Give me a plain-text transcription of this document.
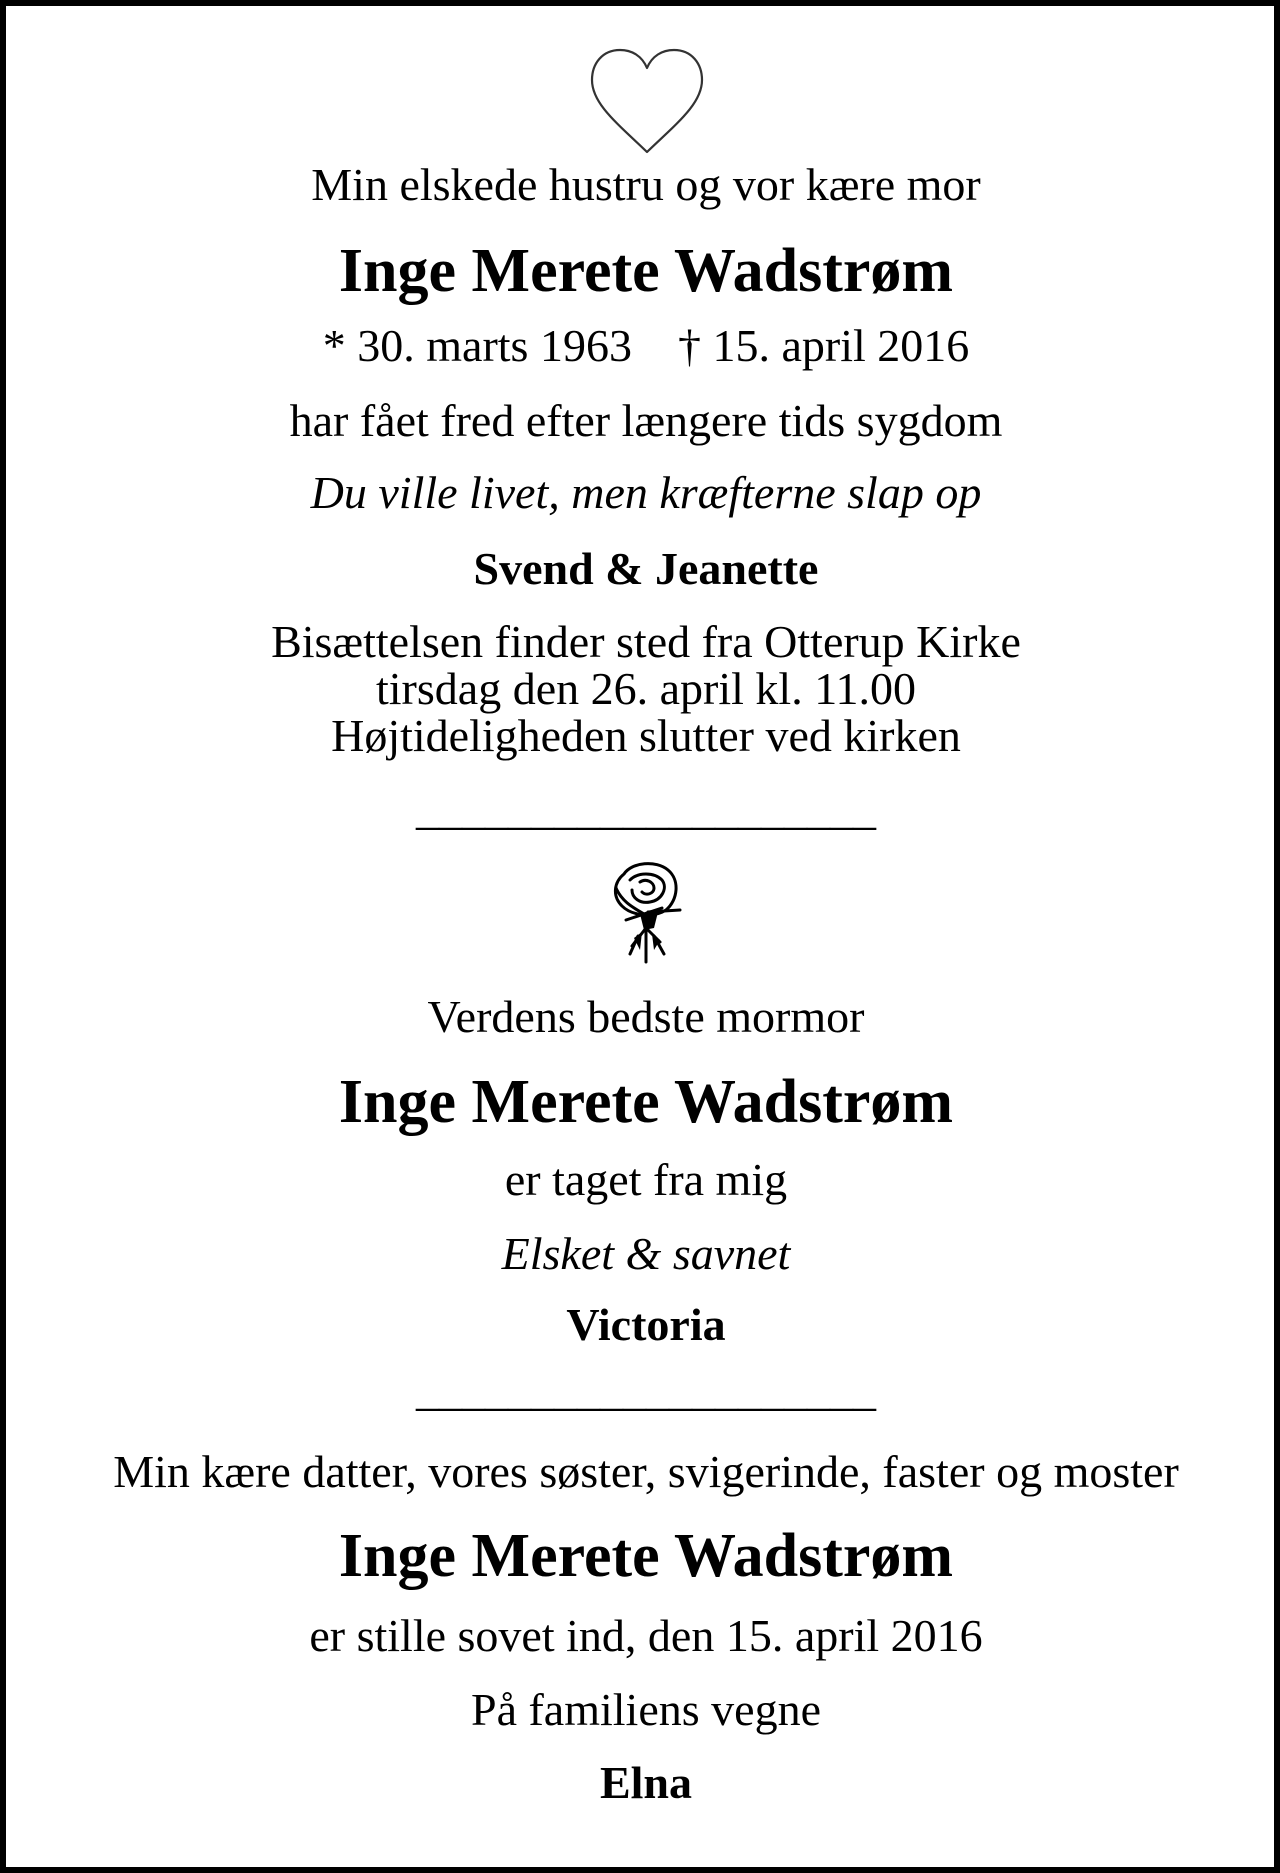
Min elskede hustru og vor kære mor

Inge Merete Wadstrøm

* 30. marts 1963 † 15. april 2016

har fået fred efter længere tids sygdom

Du ville livet, men kræfterne slap op

Svend & Jeanette

Bisættelsen finder sted fra Otterup Kirke

tirsdag den 26. april kl. 11.00

Højtideligheden slutter ved kirken

____________________

Verdens bedste mormor

Inge Merete Wadstrøm

er taget fra mig

Elsket & savnet

Victoria

____________________

Min kære datter, vores søster, svigerinde, faster og moster

Inge Merete Wadstrøm

er stille sovet ind, den 15. april 2016

På familiens vegne

Elna
